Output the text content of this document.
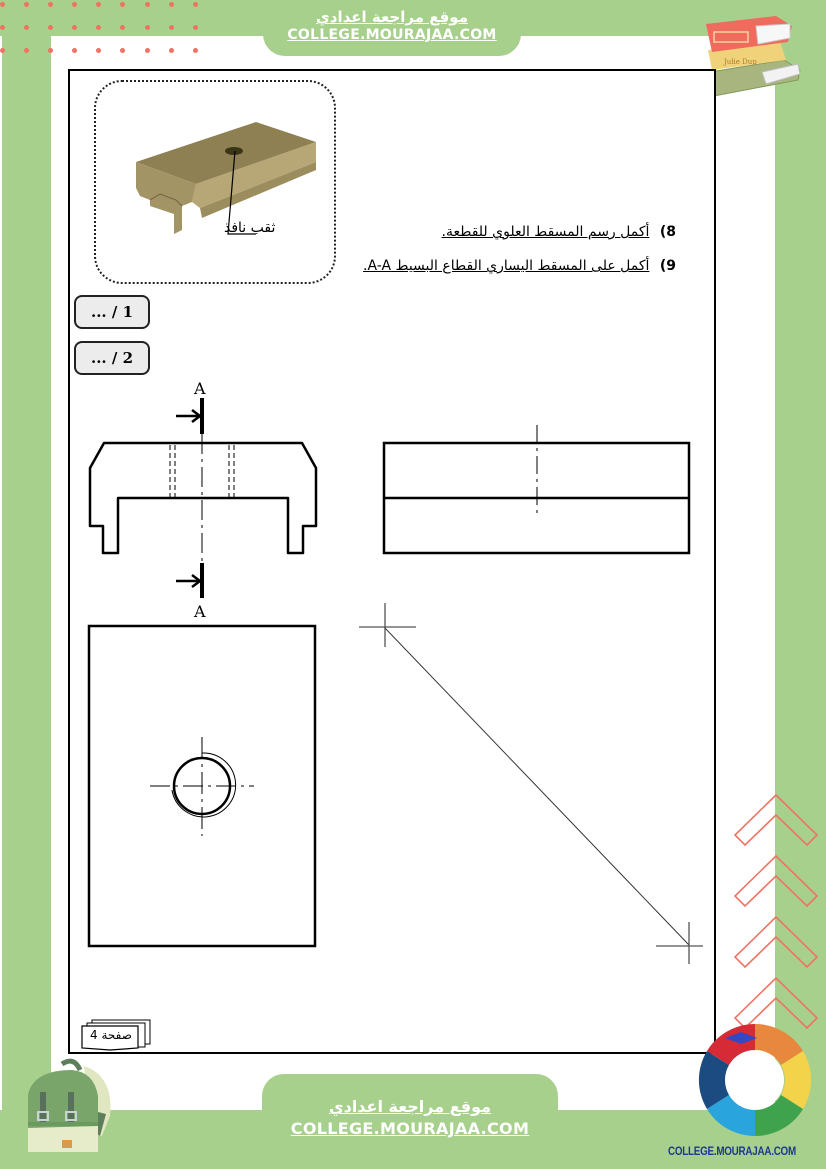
موقع مراجعة اعدادي
COLLEGE.MOURAJAA.COM
Julie Dup
ثقب نافذ	8) أكمل رسم المسقط العلوي للقطعة.
9) أكمل على المسقط اليساري القطاع البسيط A-A.
... / 1
... / 2
A
A
صفحة 4
موقع مراجعة اعدادي
COLLEGE.MOURAJAA.COM
COLLEGE.MOURAJAA.COM
